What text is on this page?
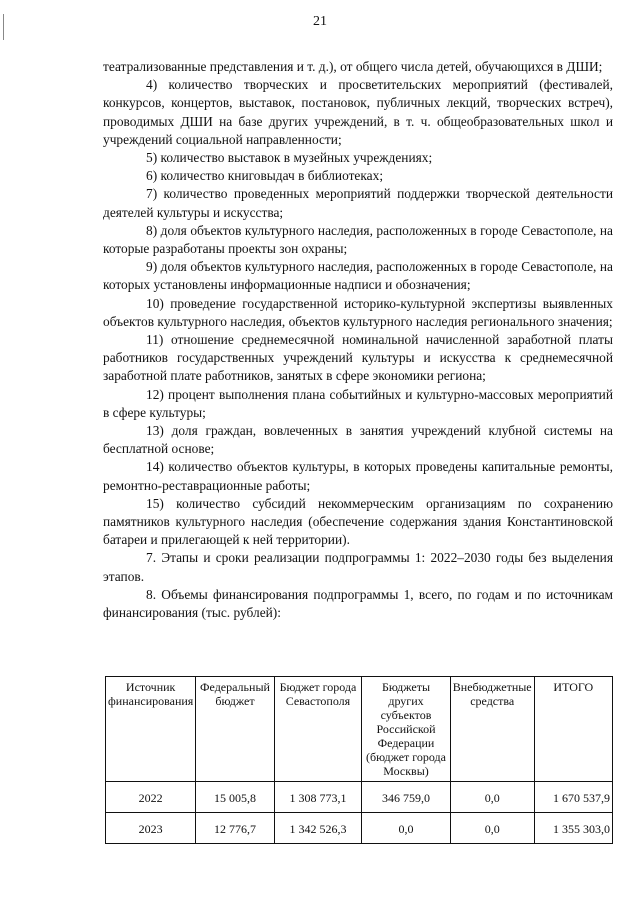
21

театрализованные представления и т. д.), от общего числа детей, обучающихся в ДШИ;

4) количество творческих и просветительских мероприятий (фестивалей, конкурсов, концертов, выставок, постановок, публичных лекций, творческих встреч), проводимых ДШИ на базе других учреждений, в т. ч. общеобразовательных школ и учреждений социальной направленности;

5) количество выставок в музейных учреждениях;

6) количество книговыдач в библиотеках;

7) количество проведенных мероприятий поддержки творческой деятельности деятелей культуры и искусства;

8) доля объектов культурного наследия, расположенных в городе Севастополе, на которые разработаны проекты зон охраны;

9) доля объектов культурного наследия, расположенных в городе Севастополе, на которых установлены информационные надписи и обозначения;

10) проведение государственной историко-культурной экспертизы выявленных объектов культурного наследия, объектов культурного наследия регионального значения;

11) отношение среднемесячной номинальной начисленной заработной платы работников государственных учреждений культуры и искусства к среднемесячной заработной плате работников, занятых в сфере экономики региона;

12) процент выполнения плана событийных и культурно-массовых мероприятий в сфере культуры;

13) доля граждан, вовлеченных в занятия учреждений клубной системы на бесплатной основе;

14) количество объектов культуры, в которых проведены капитальные ремонты, ремонтно-реставрационные работы;

15) количество субсидий некоммерческим организациям по сохранению памятников культурного наследия (обеспечение содержания здания Константиновской батареи и прилегающей к ней территории).

7. Этапы и сроки реализации подпрограммы 1: 2022–2030 годы без выделения этапов.

8. Объемы финансирования подпрограммы 1, всего, по годам и по источникам финансирования (тыс. рублей):

Источник финансирования	Федеральный бюджет	Бюджет города Севастополя	Бюджеты других субъектов Российской Федерации (бюджет города Москвы)	Внебюджетные средства	ИТОГО
2022	15 005,8	1 308 773,1	346 759,0	0,0	1 670 537,9
2023	12 776,7	1 342 526,3	0,0	0,0	1 355 303,0
